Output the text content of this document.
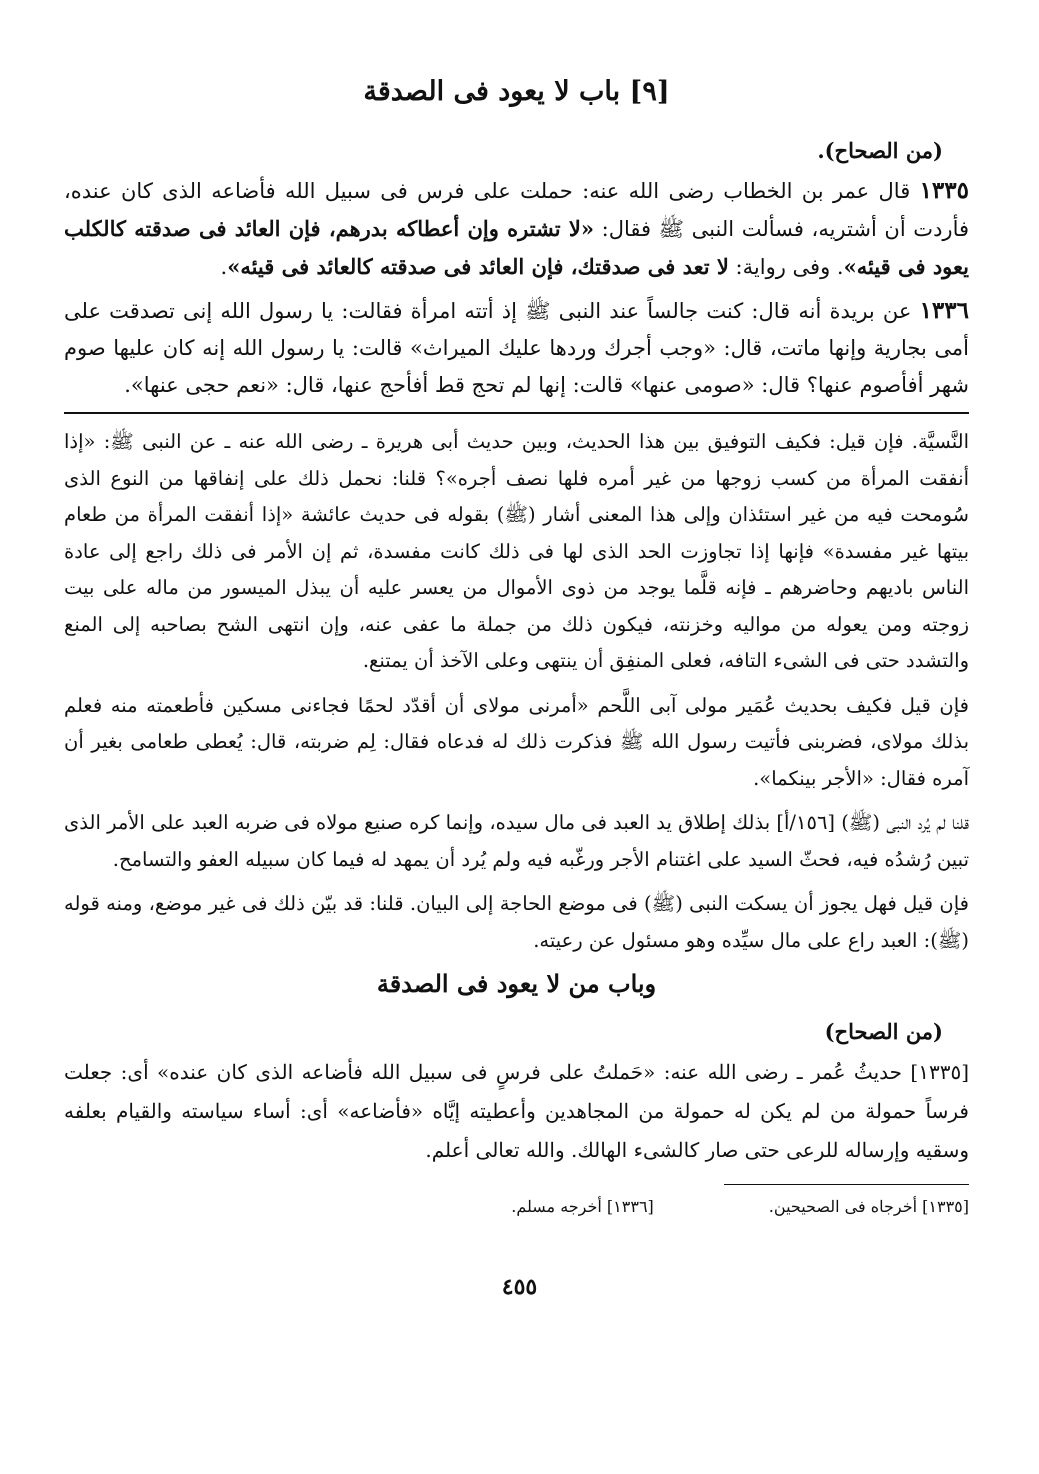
[٩] باب لا يعود فى الصدقة
(من الصحاح).

١٣٣٥ قال عمر بن الخطاب رضى الله عنه: حملت على فرس فى سبيل الله فأضاعه الذى كان عنده، فأردت أن أشتريه، فسألت النبى ﷺ فقال: «لا تشتره وإن أعطاكه بدرهم، فإن العائد فى صدقته كالكلب يعود فى قيئه». وفى رواية: لا تعد فى صدقتك، فإن العائد فى صدقته كالعائد فى قيئه».

١٣٣٦ عن بريدة أنه قال: كنت جالساً عند النبى ﷺ إذ أتته امرأة فقالت: يا رسول الله إنى تصدقت على أمى بجارية وإنها ماتت، قال: «وجب أجرك وردها عليك الميراث» قالت: يا رسول الله إنه كان عليها صوم شهر أفأصوم عنها؟ قال: «صومى عنها» قالت: إنها لم تحج قط أفأحج عنها، قال: «نعم حجى عنها».

النَّسيَّة. فإن قيل: فكيف التوفيق بين هذا الحديث، وبين حديث أبى هريرة ـ رضى الله عنه ـ عن النبى ﷺ: «إذا أنفقت المرأة من كسب زوجها من غير أمره فلها نصف أجره»؟ قلنا: نحمل ذلك على إنفاقها من النوع الذى سُومحت فيه من غير استئذان وإلى هذا المعنى أشار (ﷺ) بقوله فى حديث عائشة «إذا أنفقت المرأة من طعام بيتها غير مفسدة» فإنها إذا تجاوزت الحد الذى لها فى ذلك كانت مفسدة، ثم إن الأمر فى ذلك راجع إلى عادة الناس باديهم وحاضرهم ـ فإنه قلَّما يوجد من ذوى الأموال من يعسر عليه أن يبذل الميسور من ماله على بيت زوجته ومن يعوله من مواليه وخزنته، فيكون ذلك من جملة ما عفى عنه، وإن انتهى الشح بصاحبه إلى المنع والتشدد حتى فى الشىء التافه، فعلى المنفِق أن ينتهى وعلى الآخذ أن يمتنع.

فإن قيل فكيف بحديث عُمَير مولى آبى اللَّحم «أمرنى مولاى أن أقدّد لحمًا فجاءنى مسكين فأطعمته منه فعلم بذلك مولاى، فضربنى فأتيت رسول الله ﷺ فذكرت ذلك له فدعاه فقال: لِم ضربته، قال: يُعطى طعامى بغير أن آمره فقال: «الأجر بينكما».

قلنا لم يُرد النبى (ﷺ) [١٥٦/أ] بذلك إطلاق يد العبد فى مال سيده، وإنما كره صنيع مولاه فى ضربه العبد على الأمر الذى تبين رُشدُه فيه، فحثّ السيد على اغتنام الأجر ورغّبه فيه ولم يُرد أن يمهد له فيما كان سبيله العفو والتسامح.

فإن قيل فهل يجوز أن يسكت النبى (ﷺ) فى موضع الحاجة إلى البيان. قلنا: قد بيّن ذلك فى غير موضع، ومنه قوله (ﷺ): العبد راع على مال سيِّده وهو مسئول عن رعيته.

وباب من لا يعود فى الصدقة
(من الصحاح)

[١٣٣٥] حديثُ عُمر ـ رضى الله عنه: «حَملتُ على فرسٍ فى سبيل الله فأضاعه الذى كان عنده» أى: جعلت فرساً حمولة من لم يكن له حمولة من المجاهدين وأعطيته إيَّاه «فأضاعه» أى: أساء سياسته والقيام بعلفه وسقيه وإرساله للرعى حتى صار كالشىء الهالك. والله تعالى أعلم.

[١٣٣٥] أخرجاه فى الصحيحين.
[١٣٣٦] أخرجه مسلم.
٤٥٥
